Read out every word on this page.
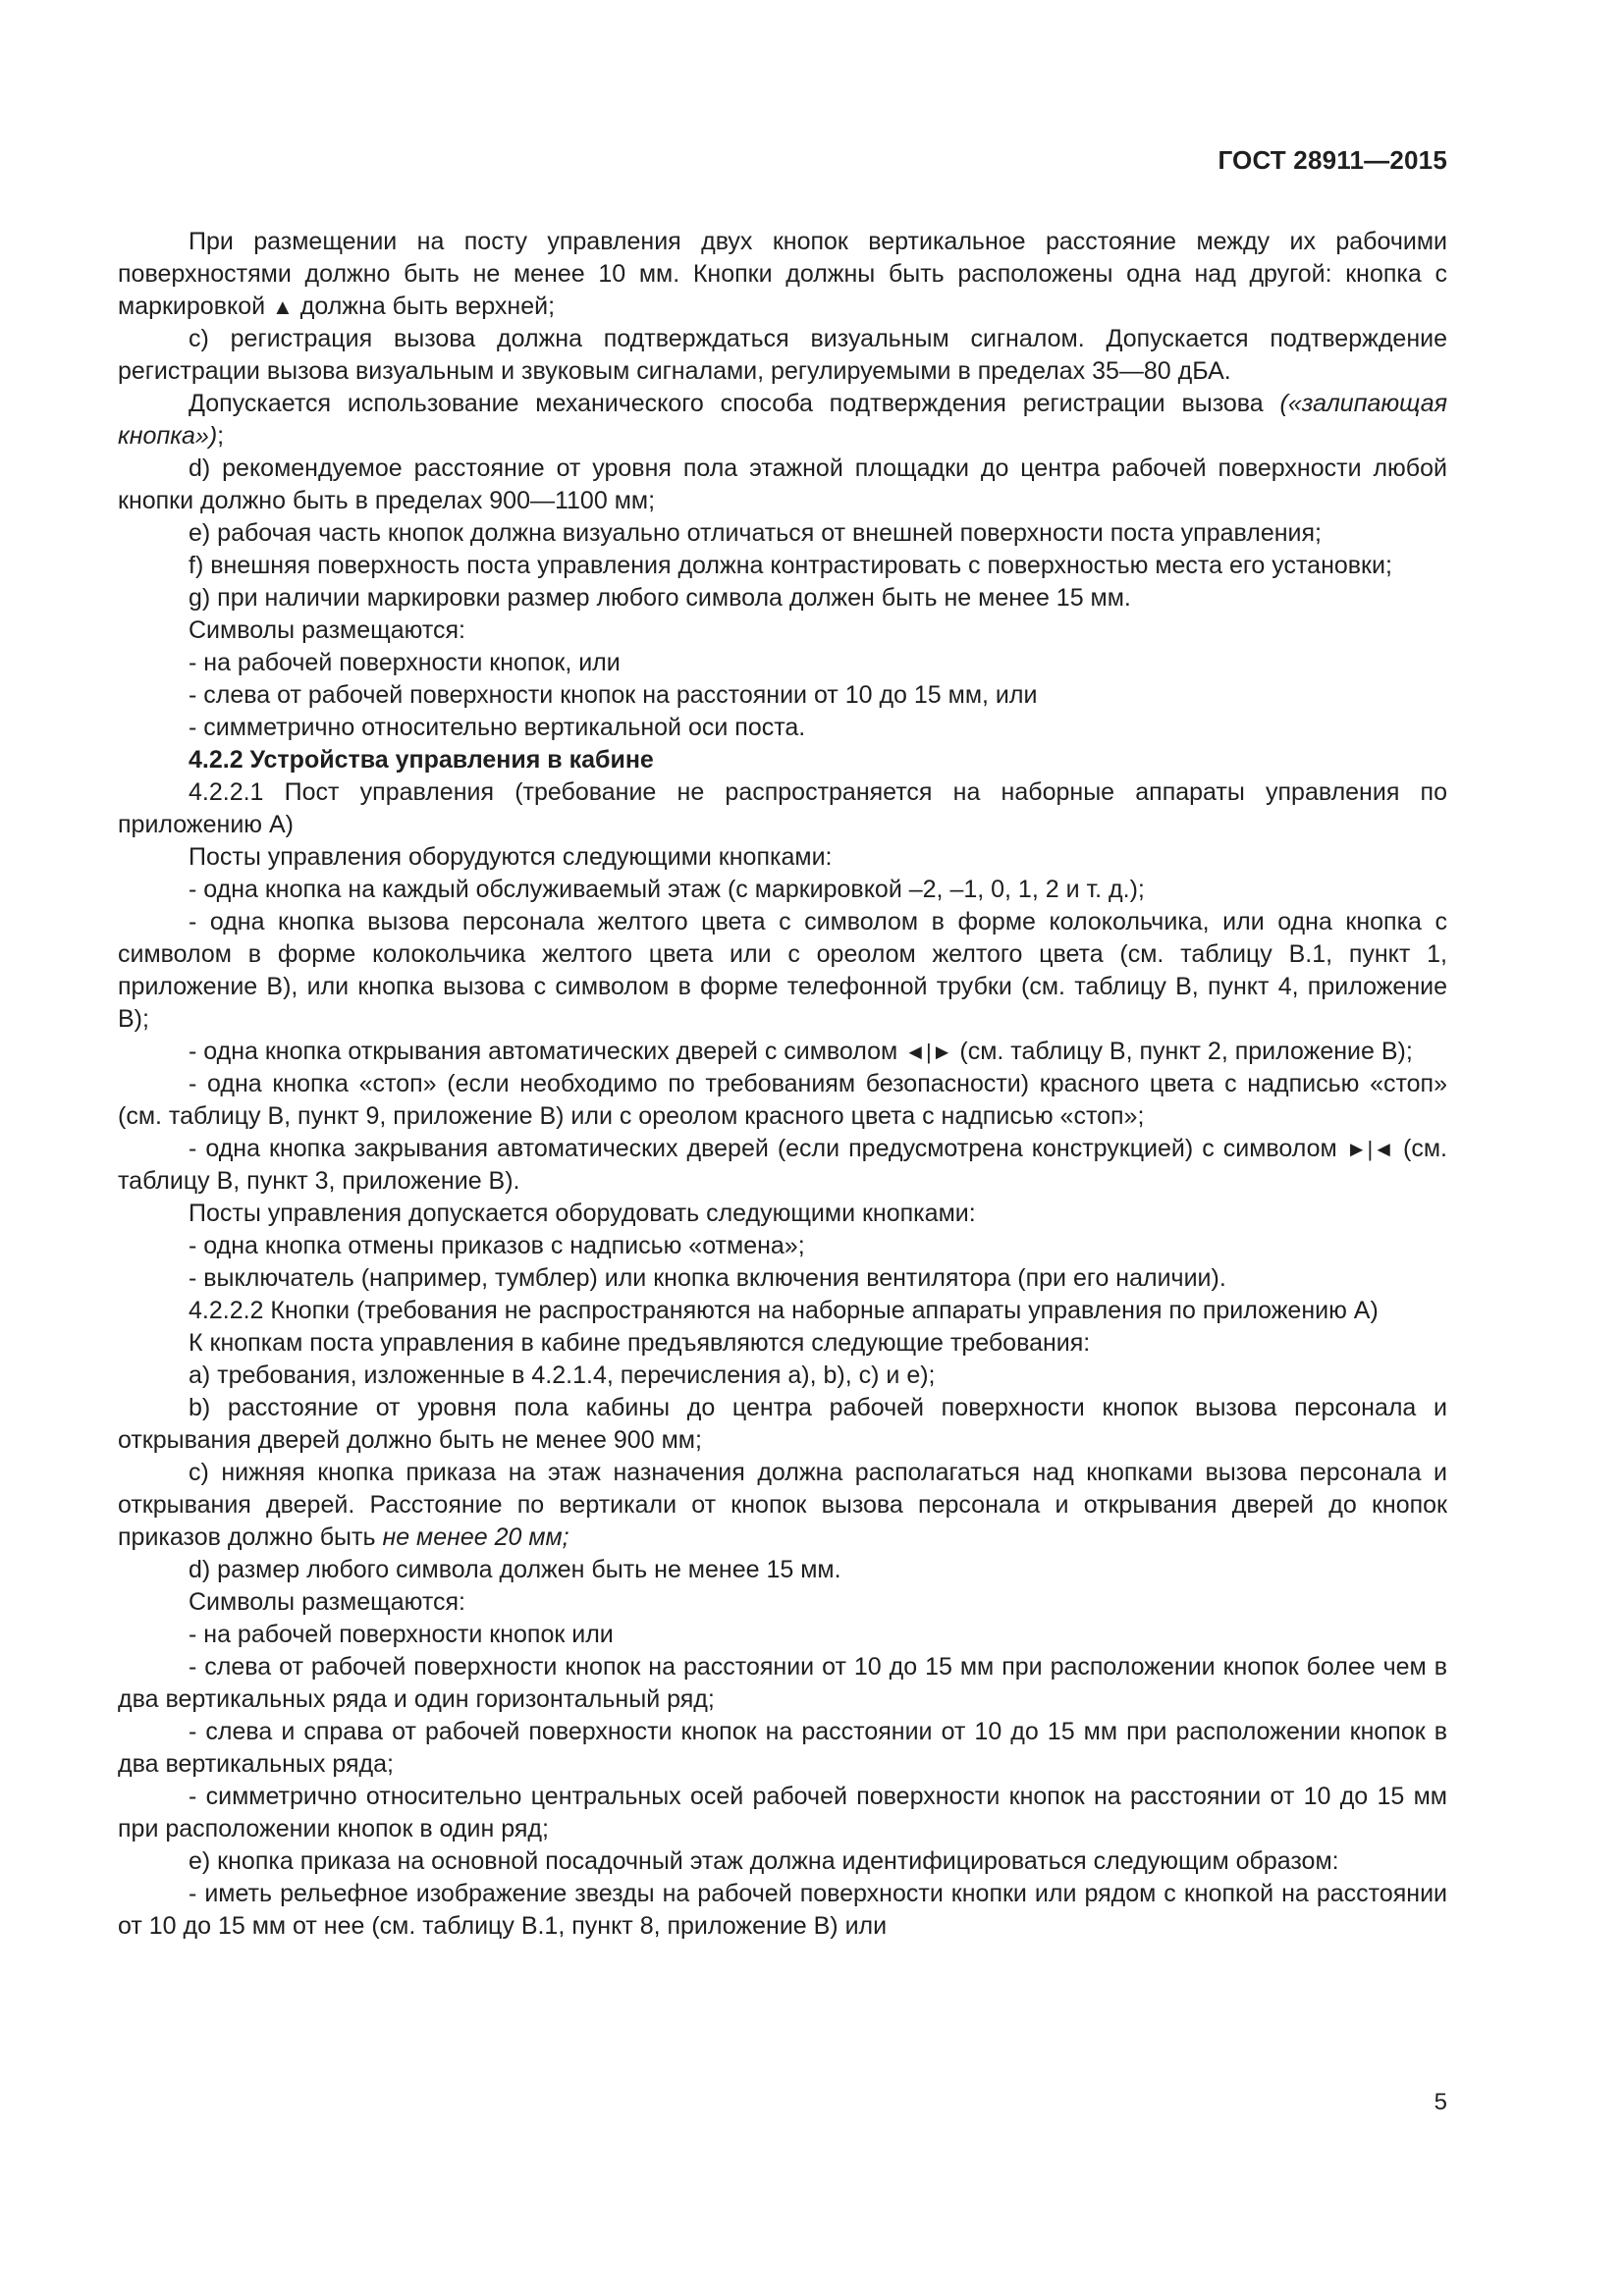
ГОСТ 28911—2015

При размещении на посту управления двух кнопок вертикальное расстояние между их рабочими поверхностями должно быть не менее 10 мм. Кнопки должны быть расположены одна над другой: кнопка с маркировкой ▲ должна быть верхней;

c) регистрация вызова должна подтверждаться визуальным сигналом. Допускается подтверждение регистрации вызова визуальным и звуковым сигналами, регулируемыми в пределах 35—80 дБА.

Допускается использование механического способа подтверждения регистрации вызова («залипающая кнопка»);

d) рекомендуемое расстояние от уровня пола этажной площадки до центра рабочей поверхности любой кнопки должно быть в пределах 900—1100 мм;

e) рабочая часть кнопок должна визуально отличаться от внешней поверхности поста управления;

f) внешняя поверхность поста управления должна контрастировать с поверхностью места его установки;

g) при наличии маркировки размер любого символа должен быть не менее 15 мм.

Символы размещаются:

- на рабочей поверхности кнопок, или

- слева от рабочей поверхности кнопок на расстоянии от 10 до 15 мм, или

- симметрично относительно вертикальной оси поста.

4.2.2 Устройства управления в кабине

4.2.2.1 Пост управления (требование не распространяется на наборные аппараты управления по приложению А)

Посты управления оборудуются следующими кнопками:

- одна кнопка на каждый обслуживаемый этаж (с маркировкой –2, –1, 0, 1, 2 и т. д.);

- одна кнопка вызова персонала желтого цвета с символом в форме колокольчика, или одна кнопка с символом в форме колокольчика желтого цвета или с ореолом желтого цвета (см. таблицу В.1, пункт 1, приложение В), или кнопка вызова с символом в форме телефонной трубки (см. таблицу В, пункт 4, приложение В);

- одна кнопка открывания автоматических дверей с символом ◄|► (см. таблицу В, пункт 2, приложение В);

- одна кнопка «стоп» (если необходимо по требованиям безопасности) красного цвета с надписью «стоп» (см. таблицу В, пункт 9, приложение В) или с ореолом красного цвета с надписью «стоп»;

- одна кнопка закрывания автоматических дверей (если предусмотрена конструкцией) с символом ►|◄ (см. таблицу В, пункт 3, приложение В).

Посты управления допускается оборудовать следующими кнопками:

- одна кнопка отмены приказов с надписью «отмена»;

- выключатель (например, тумблер) или кнопка включения вентилятора (при его наличии).

4.2.2.2 Кнопки (требования не распространяются на наборные аппараты управления по приложению А)

К кнопкам поста управления в кабине предъявляются следующие требования:

a) требования, изложенные в 4.2.1.4, перечисления a), b), c) и e);

b) расстояние от уровня пола кабины до центра рабочей поверхности кнопок вызова персонала и открывания дверей должно быть не менее 900 мм;

c) нижняя кнопка приказа на этаж назначения должна располагаться над кнопками вызова персонала и открывания дверей. Расстояние по вертикали от кнопок вызова персонала и открывания дверей до кнопок приказов должно быть не менее 20 мм;

d) размер любого символа должен быть не менее 15 мм.

Символы размещаются:

- на рабочей поверхности кнопок или

- слева от рабочей поверхности кнопок на расстоянии от 10 до 15 мм при расположении кнопок более чем в два вертикальных ряда и один горизонтальный ряд;

- слева и справа от рабочей поверхности кнопок на расстоянии от 10 до 15 мм при расположении кнопок в два вертикальных ряда;

- симметрично относительно центральных осей рабочей поверхности кнопок на расстоянии от 10 до 15 мм при расположении кнопок в один ряд;

e) кнопка приказа на основной посадочный этаж должна идентифицироваться следующим образом:

- иметь рельефное изображение звезды на рабочей поверхности кнопки или рядом с кнопкой на расстоянии от 10 до 15 мм от нее (см. таблицу В.1, пункт 8, приложение В) или

5
